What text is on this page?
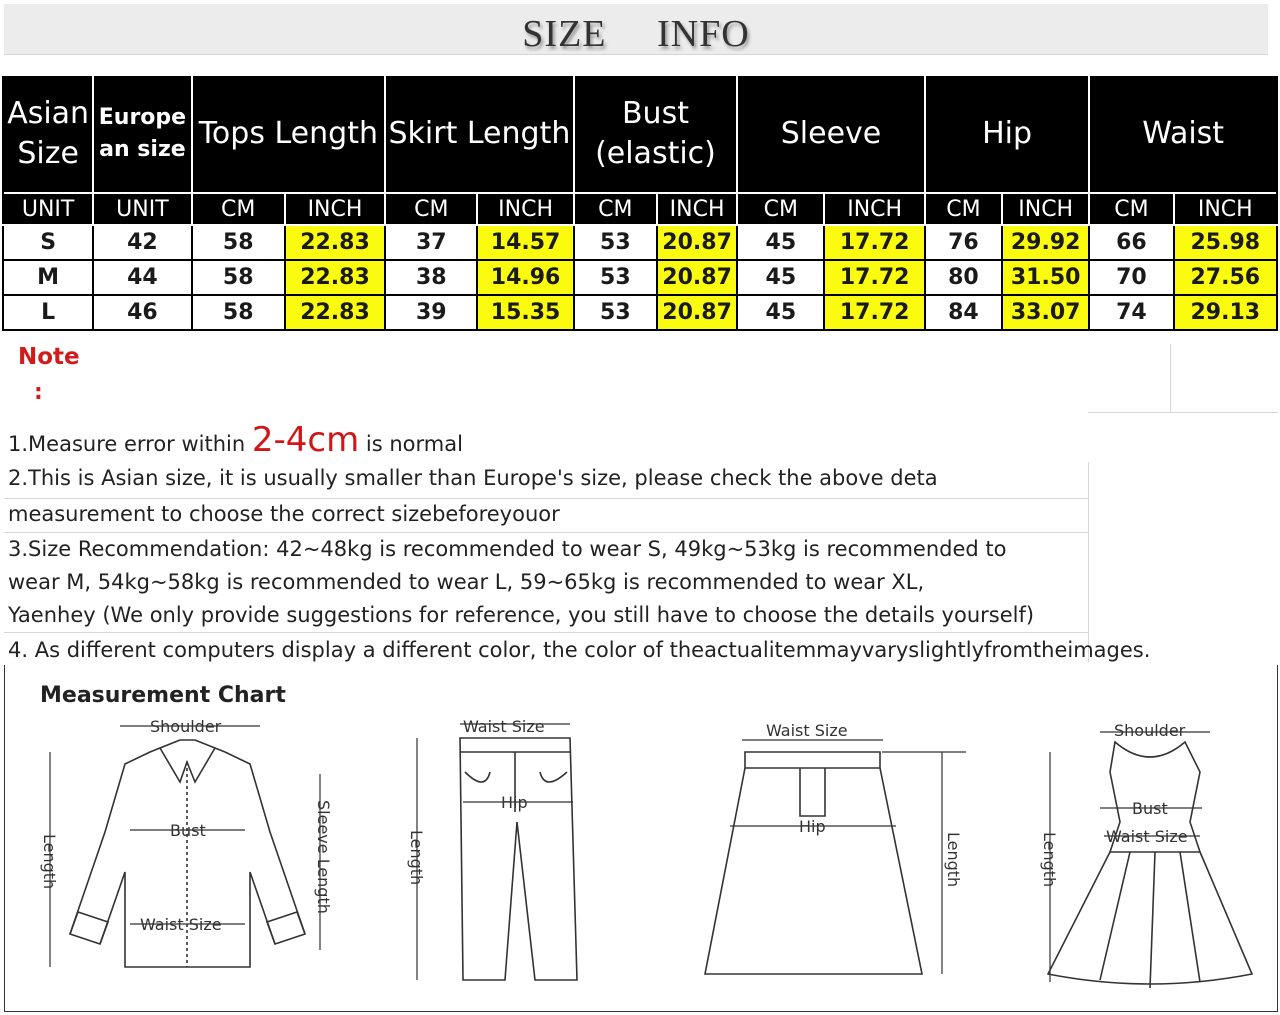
SIZE INFO
Asian
Size	Europe
an size	Tops Length		Skirt Length		Bust
(elastic)		Sleeve		Hip		Waist	
UNIT	UNIT	CM	INCH	CM	INCH	CM	INCH	CM	INCH	CM	INCH	CM	INCH
S	42	58	22.83	37	14.57	53	20.87	45	17.72	76	29.92	66	25.98
M	44	58	22.83	38	14.96	53	20.87	45	17.72	80	31.50	70	27.56
L	46	58	22.83	39	15.35	53	20.87	45	17.72	84	33.07	74	29.13
Note
:
1.Measure error within 2-4cm is normal
2.This is Asian size, it is usually smaller than Europe's size, please check the above deta
measurement to choose the correct sizebeforeyouor
3.Size Recommendation: 42~48kg is recommended to wear S, 49kg~53kg is recommended to
wear M, 54kg~58kg is recommended to wear L, 59~65kg is recommended to wear XL,
Yaenhey (We only provide suggestions for reference, you still have to choose the details yourself)
4. As different computers display a different color, the color of theactualitemmayvaryslightlyfromtheimages.
Measurement Chart
Shoulder
Bust
Waist Size
Length	Sleeve Length
Waist Size
Hip
Length
Waist Size
Hip
Length
Shoulder
Bust
Waist Size
Length
